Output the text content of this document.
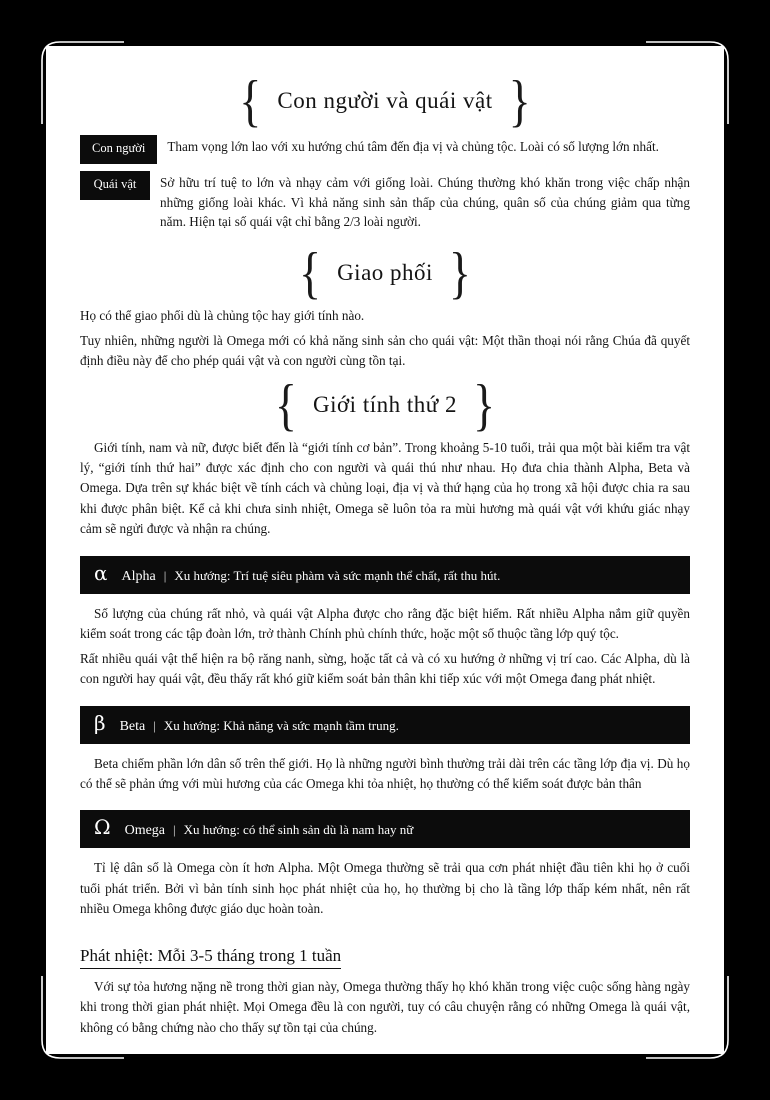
{ Con người và quái vật }
Con người	Tham vọng lớn lao với xu hướng chú tâm đến địa vị và chủng tộc. Loài có số lượng lớn nhất.
Quái vật	Sở hữu trí tuệ to lớn và nhạy cảm với giống loài. Chúng thường khó khăn trong việc chấp nhận những giống loài khác. Vì khả năng sinh sản thấp của chúng, quân số của chúng giảm qua từng năm. Hiện tại số quái vật chỉ bằng 2/3 loài người.
{ Giao phối }

Họ có thể giao phối dù là chủng tộc hay giới tính nào.

Tuy nhiên, những người là Omega mới có khả năng sinh sản cho quái vật: Một thần thoại nói rằng Chúa đã quyết định điều này để cho phép quái vật và con người cùng tồn tại.

{ Giới tính thứ 2 }

Giới tính, nam và nữ, được biết đến là “giới tính cơ bản”. Trong khoảng 5-10 tuổi, trải qua một bài kiểm tra vật lý, “giới tính thứ hai” được xác định cho con người và quái thú như nhau. Họ đưa chia thành Alpha, Beta và Omega. Dựa trên sự khác biệt về tính cách và chủng loại, địa vị và thứ hạng của họ trong xã hội được chia ra sau khi được phân biệt. Kể cả khi chưa sinh nhiệt, Omega sẽ luôn tỏa ra mùi hương mà quái vật với khứu giác nhạy cảm sẽ ngửi được và nhận ra chúng.

α Alpha | Xu hướng: Trí tuệ siêu phàm và sức mạnh thể chất, rất thu hút.

Số lượng của chúng rất nhỏ, và quái vật Alpha được cho rằng đặc biệt hiếm. Rất nhiều Alpha nắm giữ quyền kiểm soát trong các tập đoàn lớn, trở thành Chính phủ chính thức, hoặc một số thuộc tầng lớp quý tộc.

Rất nhiều quái vật thể hiện ra bộ răng nanh, sừng, hoặc tất cả và có xu hướng ở những vị trí cao. Các Alpha, dù là con người hay quái vật, đều thấy rất khó giữ kiểm soát bản thân khi tiếp xúc với một Omega đang phát nhiệt.

β Beta | Xu hướng: Khả năng và sức mạnh tầm trung.

Beta chiếm phần lớn dân số trên thế giới. Họ là những người bình thường trải dài trên các tầng lớp địa vị. Dù họ có thể sẽ phản ứng với mùi hương của các Omega khi tỏa nhiệt, họ thường có thể kiểm soát được bản thân

Ω Omega | Xu hướng: có thể sinh sản dù là nam hay nữ

Tỉ lệ dân số là Omega còn ít hơn Alpha. Một Omega thường sẽ trải qua cơn phát nhiệt đầu tiên khi họ ở cuối tuổi phát triển. Bởi vì bản tính sinh học phát nhiệt của họ, họ thường bị cho là tầng lớp thấp kém nhất, nên rất nhiều Omega không được giáo dục hoàn toàn.

Phát nhiệt: Mỗi 3-5 tháng trong 1 tuần

Với sự tỏa hương nặng nề trong thời gian này, Omega thường thấy họ khó khăn trong việc cuộc sống hàng ngày khi trong thời gian phát nhiệt. Mọi Omega đều là con người, tuy có câu chuyện rằng có những Omega là quái vật, không có bằng chứng nào cho thấy sự tồn tại của chúng.
